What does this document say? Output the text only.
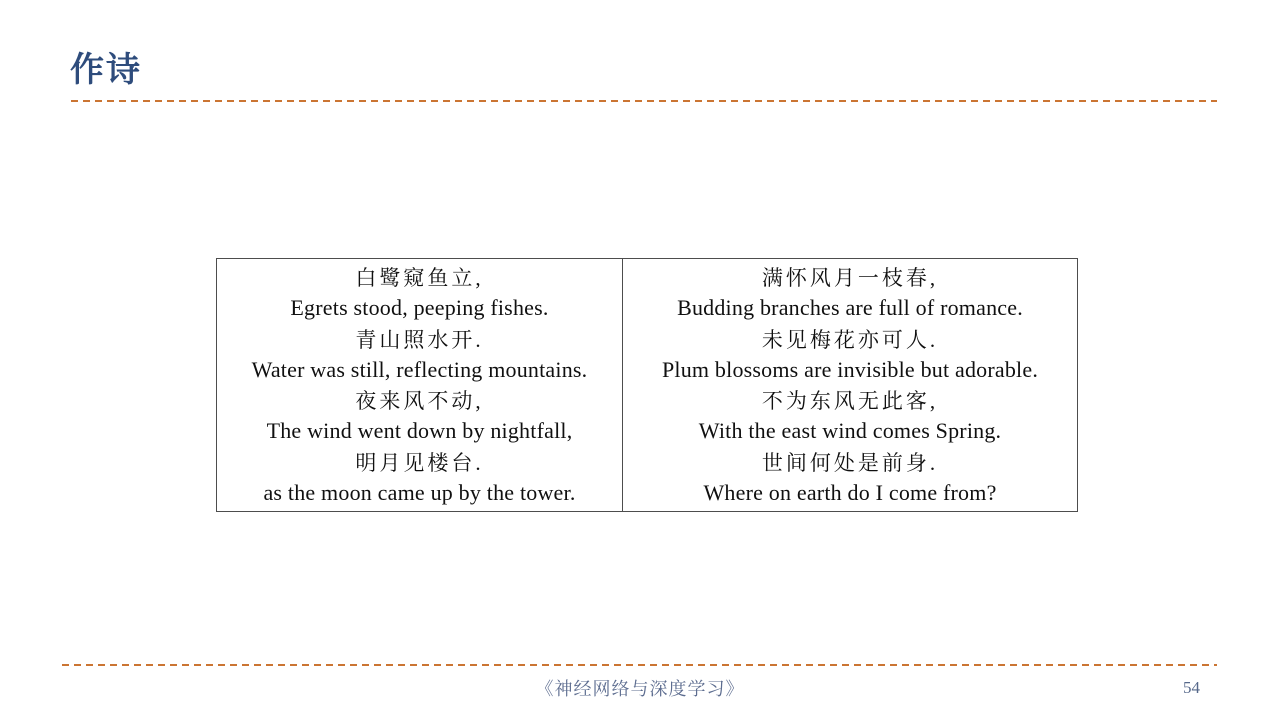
作诗
白鹭窥鱼立,
Egrets stood, peeping fishes.
青山照水开.
Water was still, reflecting mountains.
夜来风不动,
The wind went down by nightfall,
明月见楼台.
as the moon came up by the tower.
满怀风月一枝春,
Budding branches are full of romance.
未见梅花亦可人.
Plum blossoms are invisible but adorable.
不为东风无此客,
With the east wind comes Spring.
世间何处是前身.
Where on earth do I come from?
《神经网络与深度学习》	54
